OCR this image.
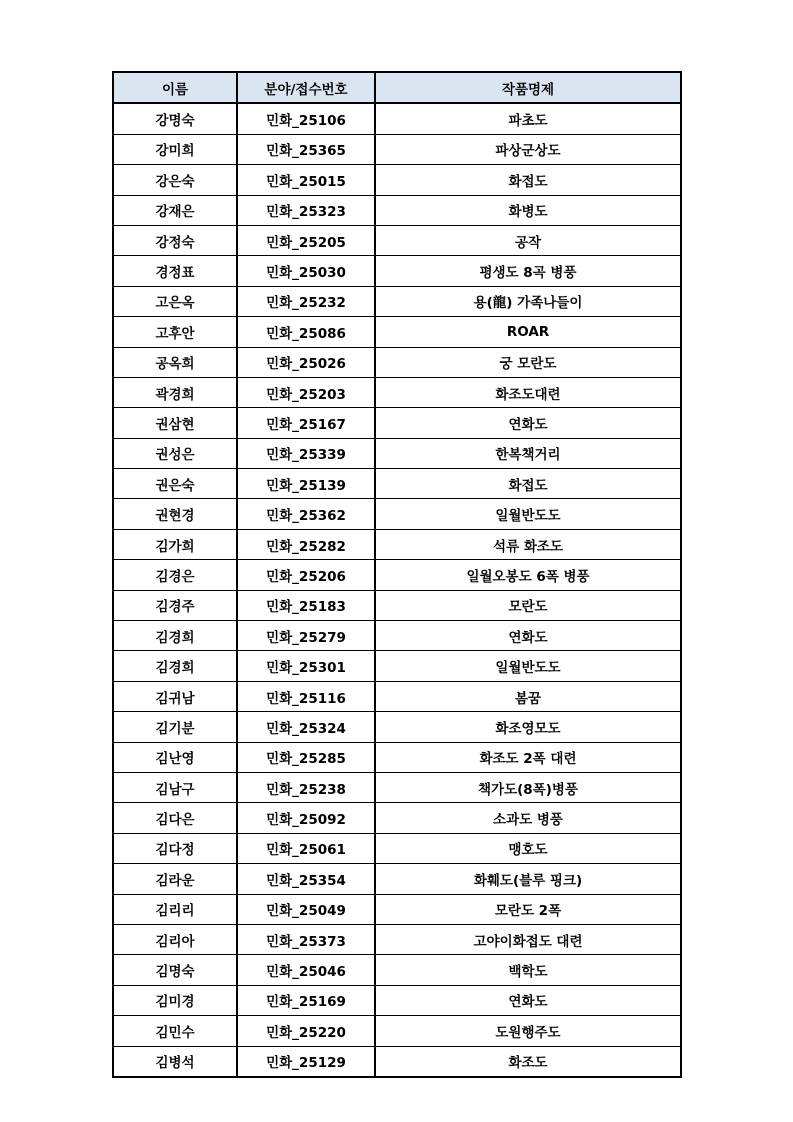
이름	분야/접수번호	작품명제
강명숙	민화_25106	파초도
강미희	민화_25365	파상군상도
강은숙	민화_25015	화접도
강재은	민화_25323	화병도
강정숙	민화_25205	공작
경정표	민화_25030	평생도 8곡 병풍
고은옥	민화_25232	용(龍) 가족나들이
고후안	민화_25086	ROAR
공옥희	민화_25026	궁 모란도
곽경희	민화_25203	화조도대련
권삼현	민화_25167	연화도
권성은	민화_25339	한복책거리
권은숙	민화_25139	화접도
권현경	민화_25362	일월반도도
김가희	민화_25282	석류 화조도
김경은	민화_25206	일월오봉도 6폭 병풍
김경주	민화_25183	모란도
김경희	민화_25279	연화도
김경희	민화_25301	일월반도도
김귀남	민화_25116	봄꿈
김기분	민화_25324	화조영모도
김난영	민화_25285	화조도 2폭 대련
김남구	민화_25238	책가도(8폭)병풍
김다은	민화_25092	소과도 병풍
김다정	민화_25061	맹호도
김라운	민화_25354	화훼도(블루 핑크)
김리리	민화_25049	모란도 2폭
김리아	민화_25373	고야이화접도 대련
김명숙	민화_25046	백학도
김미경	민화_25169	연화도
김민수	민화_25220	도원행주도
김병석	민화_25129	화조도
